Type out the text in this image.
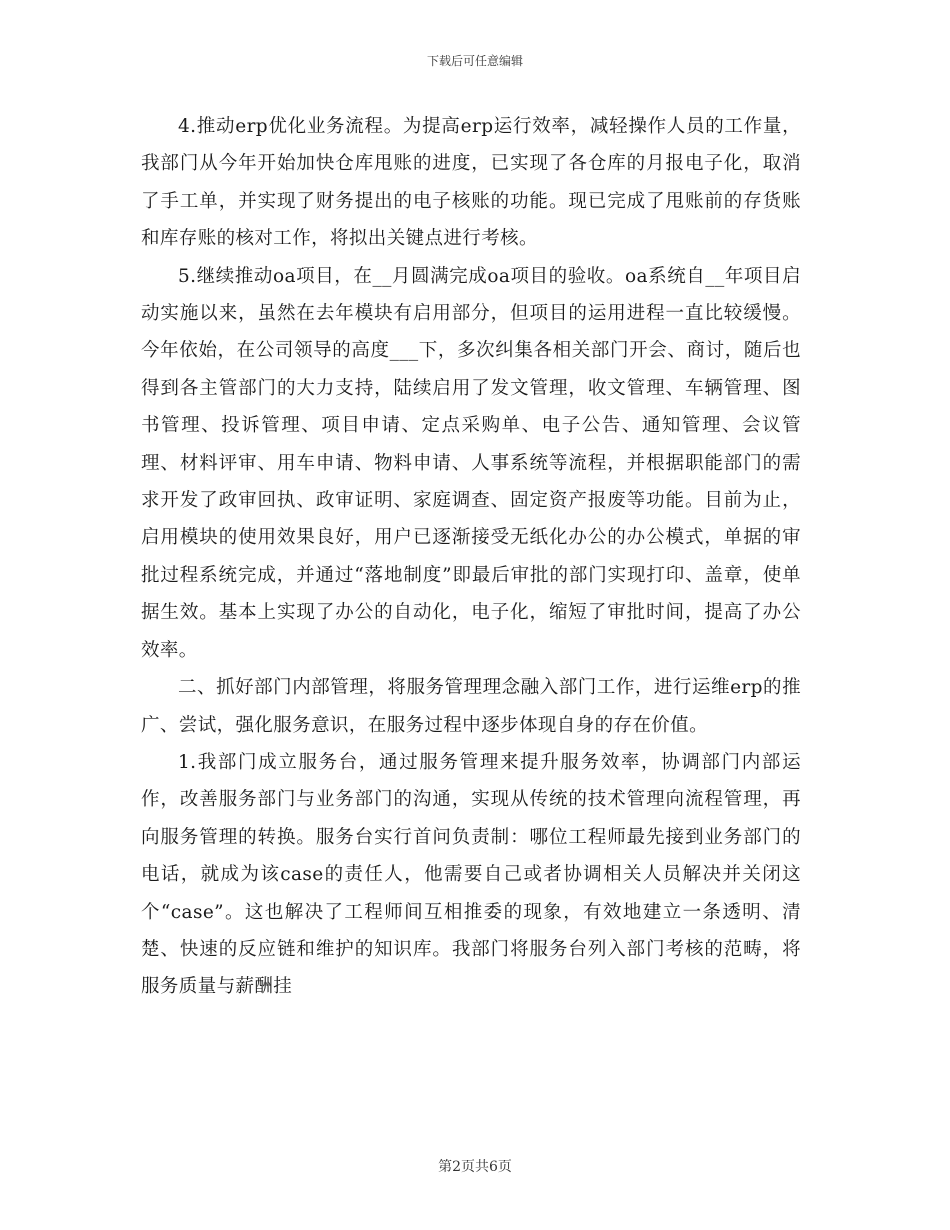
下载后可任意编辑

4.推动erp优化业务流程。为提高erp运行效率，减轻操作人员的工作量，我部门从今年开始加快仓库甩账的进度，已实现了各仓库的月报电子化，取消了手工单，并实现了财务提出的电子核账的功能。现已完成了甩账前的存货账和库存账的核对工作，将拟出关键点进行考核。

5.继续推动oa项目，在__月圆满完成oa项目的验收。oa系统自__年项目启动实施以来，虽然在去年模块有启用部分，但项目的运用进程一直比较缓慢。今年依始，在公司领导的高度___下，多次纠集各相关部门开会、商讨，随后也得到各主管部门的大力支持，陆续启用了发文管理，收文管理、车辆管理、图书管理、投诉管理、项目申请、定点采购单、电子公告、通知管理、会议管理、材料评审、用车申请、物料申请、人事系统等流程，并根据职能部门的需求开发了政审回执、政审证明、家庭调查、固定资产报废等功能。目前为止，启用模块的使用效果良好，用户已逐渐接受无纸化办公的办公模式，单据的审批过程系统完成，并通过“落地制度”即最后审批的部门实现打印、盖章，使单据生效。基本上实现了办公的自动化，电子化，缩短了审批时间，提高了办公效率。

二、抓好部门内部管理，将服务管理理念融入部门工作，进行运维erp的推广、尝试，强化服务意识，在服务过程中逐步体现自身的存在价值。

1.我部门成立服务台，通过服务管理来提升服务效率，协调部门内部运作，改善服务部门与业务部门的沟通，实现从传统的技术管理向流程管理，再向服务管理的转换。服务台实行首问负责制：哪位工程师最先接到业务部门的电话，就成为该case的责任人，他需要自己或者协调相关人员解决并关闭这个“case”。这也解决了工程师间互相推委的现象，有效地建立一条透明、清楚、快速的反应链和维护的知识库。我部门将服务台列入部门考核的范畴，将服务质量与薪酬挂

第2页共6页
